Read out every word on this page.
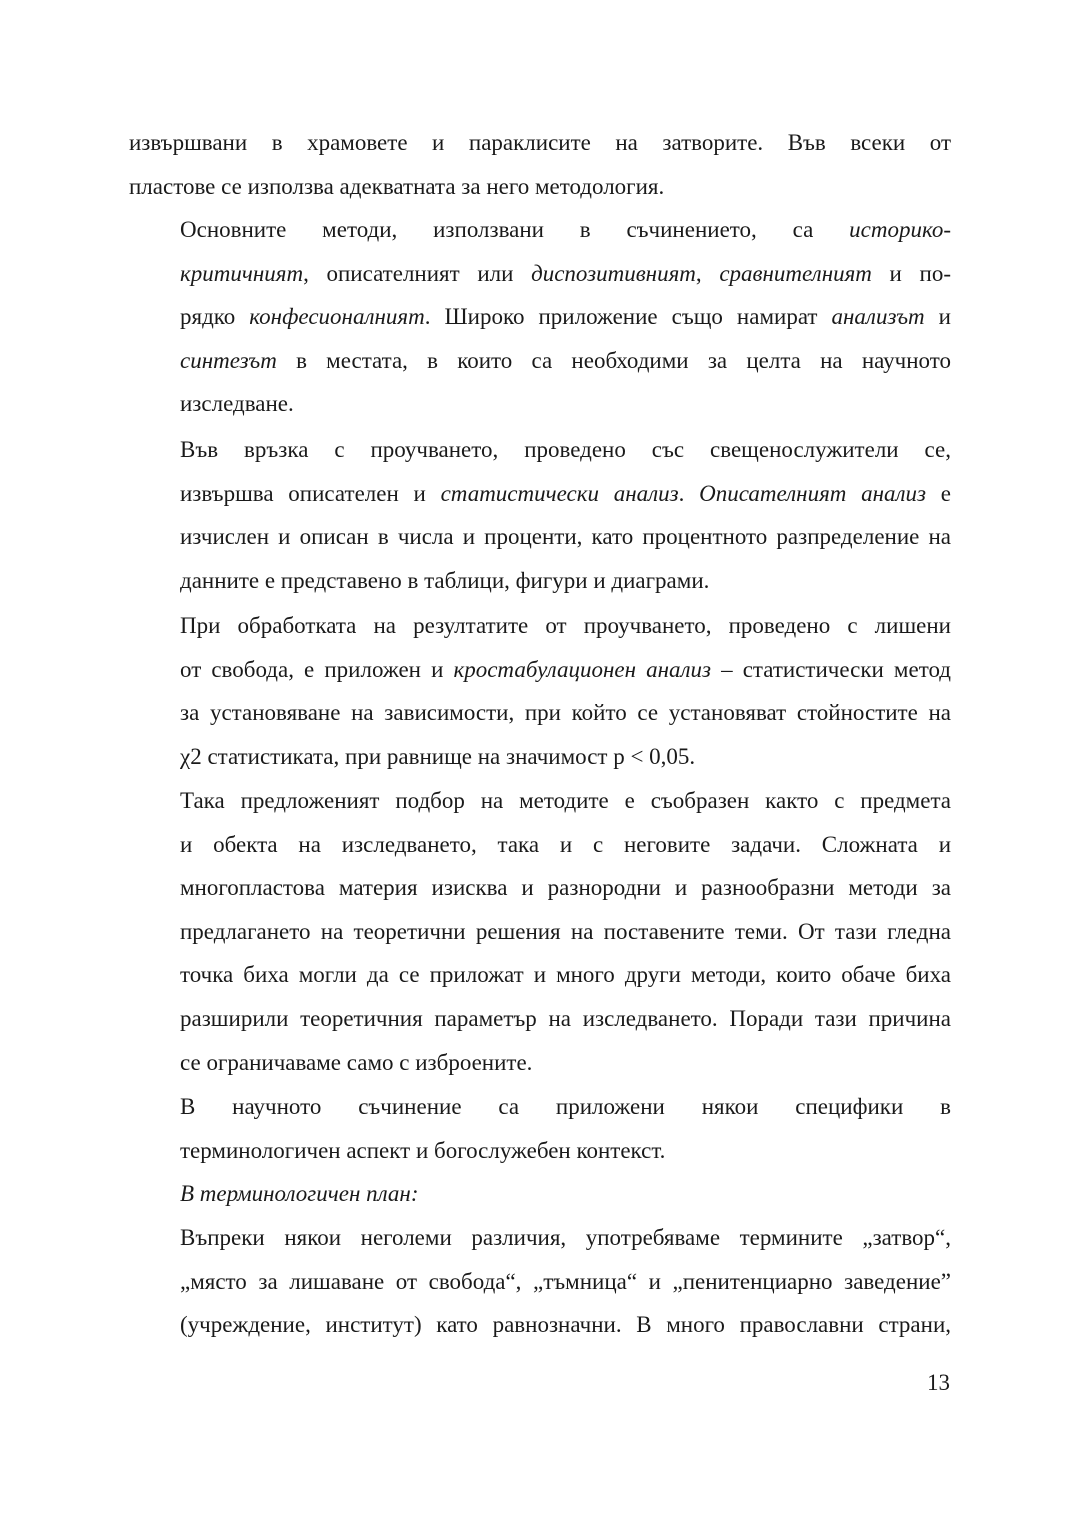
извършвани в храмовете и параклисите на затворите. Във всеки от
пластове се използва адекватната за него методология.
Основните методи, използвани в съчинението, са историко-
критичният, описателният или диспозитивният, сравнителният и по-
рядко конфесионалният. Широко приложение също намират анализът и
синтезът в местата, в които са необходими за целта на научното
изследване.
Във връзка с проучването, проведено със свещенослужители се,
извършва описателен и статистически анализ. Описателният анализ е
изчислен и описан в числа и проценти, като процентното разпределение на
данните е представено в таблици, фигури и диаграми.
При обработката на резултатите от проучването, проведено с лишени
от свобода, е приложен и кростабулационен анализ – статистически метод
за установяване на зависимости, при който се установяват стойностите на
χ2 статистиката, при равнище на значимост p < 0,05.
Така предложеният подбор на методите е съобразен както с предмета
и обекта на изследването, така и с неговите задачи. Сложната и
многопластова материя изисква и разнородни и разнообразни методи за
предлагането на теоретични решения на поставените теми. От тази гледна
точка биха могли да се приложат и много други методи, които обаче биха
разширили теоретичния параметър на изследването. Поради тази причина
се ограничаваме само с изброените.
В научното съчинение са приложени някои специфики в
терминологичен аспект и богослужебен контекст.
В терминологичен план:
Въпреки някои неголеми различия, употребяваме термините „затвор“,
„място за лишаване от свобода“, „тъмница“ и „пенитенциарно заведение”
(учреждение, институт) като равнозначни. В много православни страни,
13
